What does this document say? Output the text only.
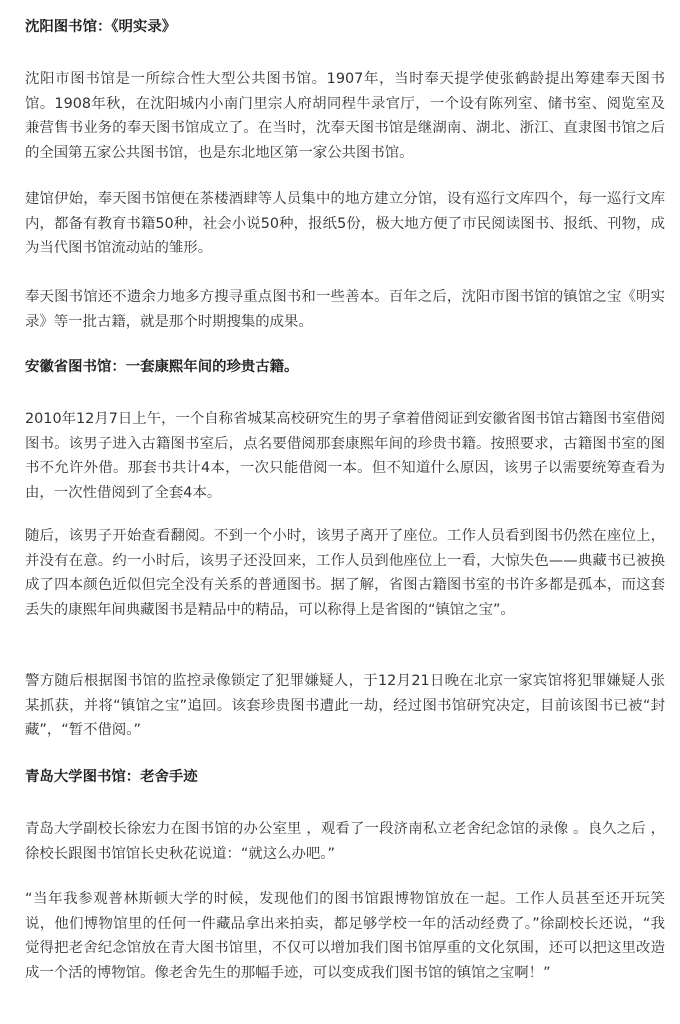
沈阳图书馆：《明实录》

沈阳市图书馆是一所综合性大型公共图书馆。1907年，当时奉天提学使张鹤龄提出筹建奉天图书馆。1908年秋，在沈阳城内小南门里宗人府胡同程牛录官厅，一个设有陈列室、储书室、阅览室及兼营售书业务的奉天图书馆成立了。在当时，沈奉天图书馆是继湖南、湖北、浙江、直隶图书馆之后的全国第五家公共图书馆，也是东北地区第一家公共图书馆。

建馆伊始，奉天图书馆便在茶楼酒肆等人员集中的地方建立分馆，设有巡行文库四个，每一巡行文库内，都备有教育书籍50种，社会小说50种，报纸5份，极大地方便了市民阅读图书、报纸、刊物，成为当代图书馆流动站的雏形。

奉天图书馆还不遗余力地多方搜寻重点图书和一些善本。百年之后，沈阳市图书馆的镇馆之宝《明实录》等一批古籍，就是那个时期搜集的成果。

安徽省图书馆：一套康熙年间的珍贵古籍。

2010年12月7日上午，一个自称省城某高校研究生的男子拿着借阅证到安徽省图书馆古籍图书室借阅图书。该男子进入古籍图书室后，点名要借阅那套康熙年间的珍贵书籍。按照要求，古籍图书室的图书不允许外借。那套书共计4本，一次只能借阅一本。但不知道什么原因，该男子以需要统筹查看为由，一次性借阅到了全套4本。

随后，该男子开始查看翻阅。不到一个小时，该男子离开了座位。工作人员看到图书仍然在座位上，并没有在意。约一小时后，该男子还没回来，工作人员到他座位上一看，大惊失色——典藏书已被换成了四本颜色近似但完全没有关系的普通图书。据了解，省图古籍图书室的书许多都是孤本，而这套丢失的康熙年间典藏图书是精品中的精品，可以称得上是省图的“镇馆之宝”。

警方随后根据图书馆的监控录像锁定了犯罪嫌疑人，于12月21日晚在北京一家宾馆将犯罪嫌疑人张某抓获，并将“镇馆之宝”追回。该套珍贵图书遭此一劫，经过图书馆研究决定，目前该图书已被“封藏”，“暂不借阅。”

青岛大学图书馆：老舍手迹

青岛大学副校长徐宏力在图书馆的办公室里 ，观看了一段济南私立老舍纪念馆的录像 。良久之后 ，徐校长跟图书馆馆长史秋花说道：“就这么办吧。”

“当年我参观普林斯顿大学的时候，发现他们的图书馆跟博物馆放在一起。工作人员甚至还开玩笑说，他们博物馆里的任何一件藏品拿出来拍卖，都足够学校一年的活动经费了。”徐副校长还说，“我觉得把老舍纪念馆放在青大图书馆里，不仅可以增加我们图书馆厚重的文化氛围，还可以把这里改造成一个活的博物馆。像老舍先生的那幅手迹，可以变成我们图书馆的镇馆之宝啊！”
